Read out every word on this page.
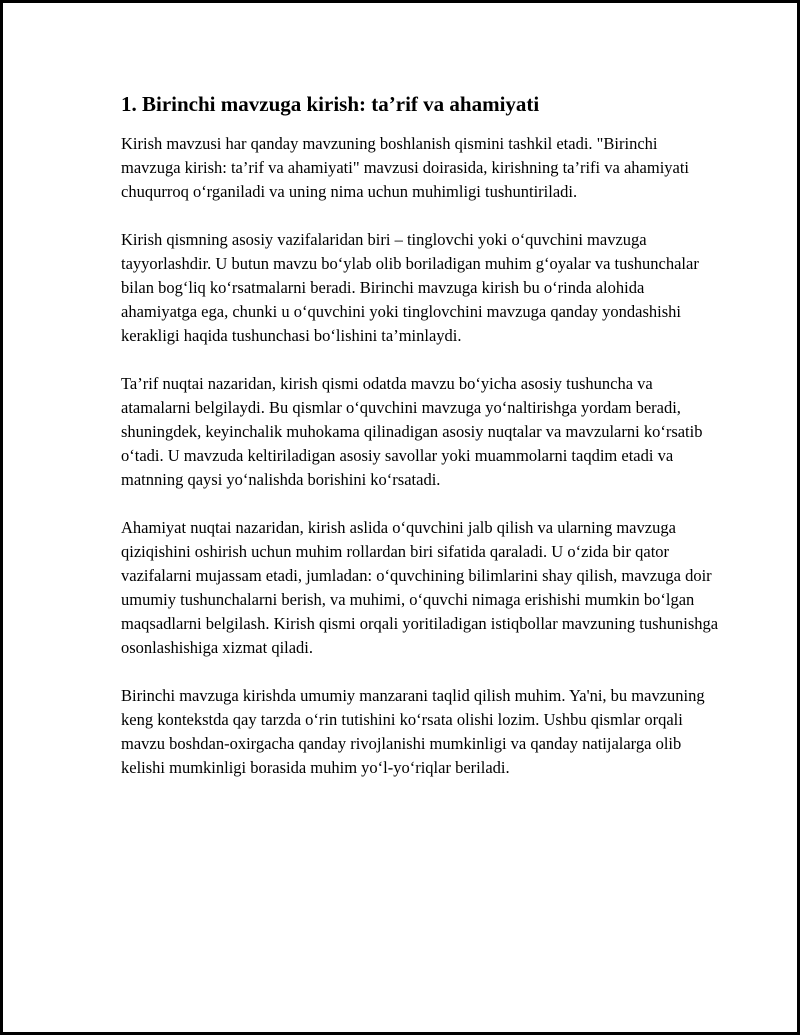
1. Birinchi mavzuga kirish: ta’rif va ahamiyati

Kirish mavzusi har qanday mavzuning boshlanish qismini tashkil etadi. "Birinchi mavzuga kirish: ta’rif va ahamiyati" mavzusi doirasida, kirishning ta’rifi va ahamiyati chuqurroq oʻrganiladi va uning nima uchun muhimligi tushuntiriladi.

Kirish qismning asosiy vazifalaridan biri – tinglovchi yoki oʻquvchini mavzuga tayyorlashdir. U butun mavzu boʻylab olib boriladigan muhim gʻoyalar va tushunchalar bilan bogʻliq koʻrsatmalarni beradi. Birinchi mavzuga kirish bu oʻrinda alohida ahamiyatga ega, chunki u oʻquvchini yoki tinglovchini mavzuga qanday yondashishi kerakligi haqida tushunchasi boʻlishini ta’minlaydi.

Ta’rif nuqtai nazaridan, kirish qismi odatda mavzu boʻyicha asosiy tushuncha va atamalarni belgilaydi. Bu qismlar oʻquvchini mavzuga yoʻnaltirishga yordam beradi, shuningdek, keyinchalik muhokama qilinadigan asosiy nuqtalar va mavzularni koʻrsatib oʻtadi. U mavzuda keltiriladigan asosiy savollar yoki muammolarni taqdim etadi va matnning qaysi yoʻnalishda borishini koʻrsatadi.

Ahamiyat nuqtai nazaridan, kirish aslida oʻquvchini jalb qilish va ularning mavzuga qiziqishini oshirish uchun muhim rollardan biri sifatida qaraladi. U oʻzida bir qator vazifalarni mujassam etadi, jumladan: oʻquvchining bilimlarini shay qilish, mavzuga doir umumiy tushunchalarni berish, va muhimi, oʻquvchi nimaga erishishi mumkin boʻlgan maqsadlarni belgilash. Kirish qismi orqali yoritiladigan istiqbollar mavzuning tushunishga osonlashishiga xizmat qiladi.

Birinchi mavzuga kirishda umumiy manzarani taqlid qilish muhim. Ya'ni, bu mavzuning keng kontekstda qay tarzda oʻrin tutishini koʻrsata olishi lozim. Ushbu qismlar orqali mavzu boshdan-oxirgacha qanday rivojlanishi mumkinligi va qanday natijalarga olib kelishi mumkinligi borasida muhim yoʻl-yoʻriqlar beriladi.
